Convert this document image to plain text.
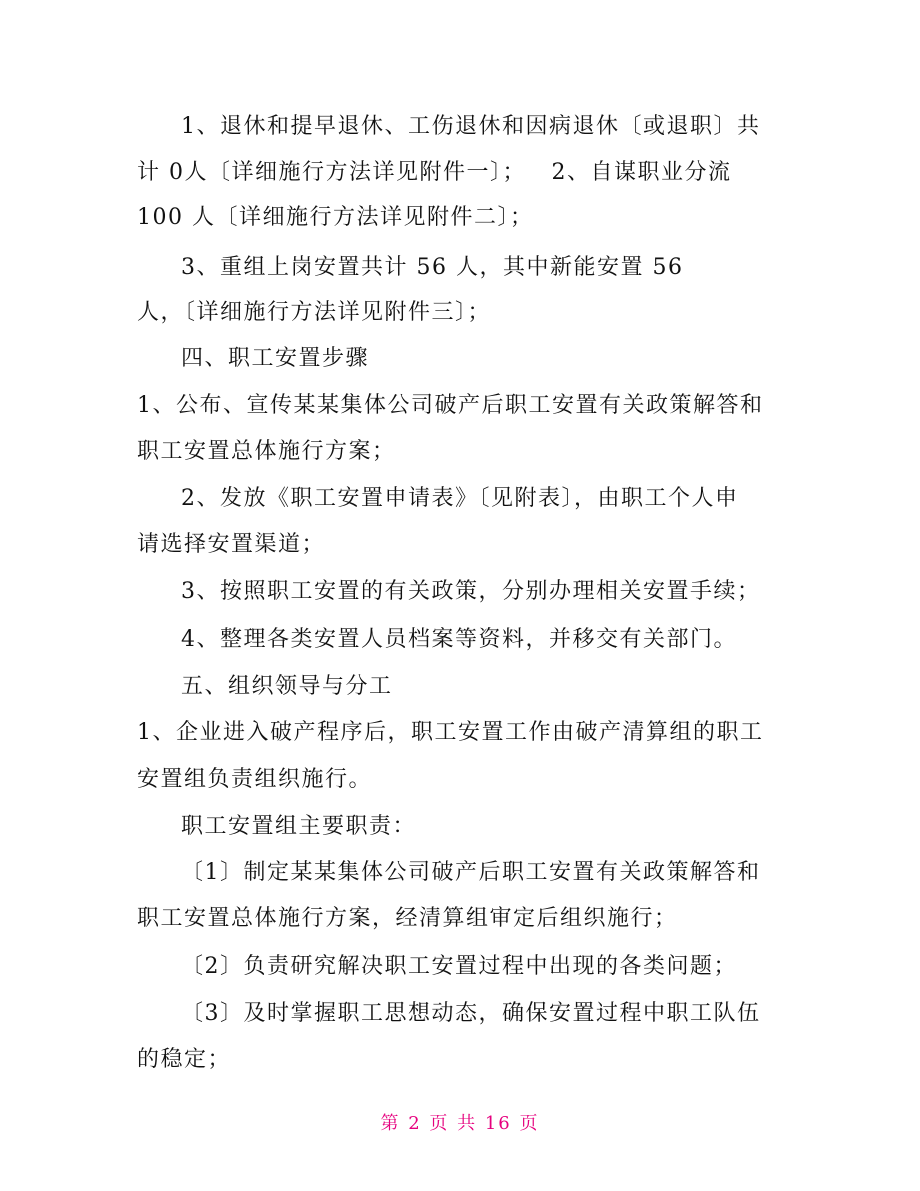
1、退休和提早退休、工伤退休和因病退休〔或退职〕共
计 0人〔详细施行方法详见附件一〕；   2、自谋职业分流
100 人〔详细施行方法详见附件二〕；
3、重组上岗安置共计 56 人，其中新能安置 56
人，〔详细施行方法详见附件三〕；
四、职工安置步骤
1、公布、宣传某某集体公司破产后职工安置有关政策解答和
职工安置总体施行方案；
2、发放《职工安置申请表》〔见附表〕，由职工个人申
请选择安置渠道；
3、按照职工安置的有关政策，分别办理相关安置手续；
4、整理各类安置人员档案等资料，并移交有关部门。
五、组织领导与分工
1、企业进入破产程序后，职工安置工作由破产清算组的职工
安置组负责组织施行。
职工安置组主要职责：
〔1〕制定某某集体公司破产后职工安置有关政策解答和
职工安置总体施行方案，经清算组审定后组织施行；
〔2〕负责研究解决职工安置过程中出现的各类问题；
〔3〕及时掌握职工思想动态，确保安置过程中职工队伍
的稳定；
第 2 页 共 16 页
